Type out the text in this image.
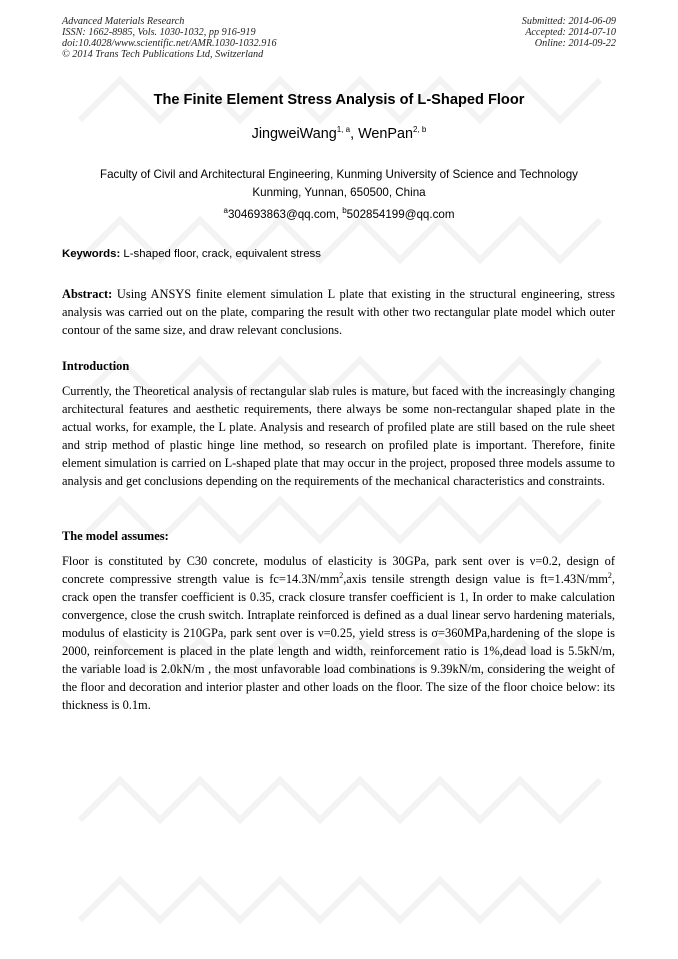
Advanced Materials Research
ISSN: 1662-8985, Vols. 1030-1032, pp 916-919
doi:10.4028/www.scientific.net/AMR.1030-1032.916
© 2014 Trans Tech Publications Ltd, Switzerland
Submitted: 2014-06-09
Accepted: 2014-07-10
Online: 2014-09-22
The Finite Element Stress Analysis of L-Shaped Floor
JingweiWang$^{1, a}$, WenPan$^{2, b}$
Faculty of Civil and Architectural Engineering, Kunming University of Science and Technology
Kunming, Yunnan, 650500, China
$^a$304693863@qq.com, $^b$502854199@qq.com
Keywords: L-shaped floor, crack, equivalent stress
Abstract: Using ANSYS finite element simulation L plate that existing in the structural engineering, stress analysis was carried out on the plate, comparing the result with other two rectangular plate model which outer contour of the same size, and draw relevant conclusions.
Introduction
Currently, the Theoretical analysis of rectangular slab rules is mature, but faced with the increasingly changing architectural features and aesthetic requirements, there always be some non-rectangular shaped plate in the actual works, for example, the L plate. Analysis and research of profiled plate are still based on the rule sheet and strip method of plastic hinge line method, so research on profiled plate is important. Therefore, finite element simulation is carried on L-shaped plate that may occur in the project, proposed three models assume to analysis and get conclusions depending on the requirements of the mechanical characteristics and constraints.
The model assumes:
Floor is constituted by C30 concrete, modulus of elasticity is 30GPa, park sent over is ν=0.2, design of concrete compressive strength value is $fc=14.3N/mm^2,axis$ tensile strength design value is $ft=1.43N/mm^2$, crack open the transfer coefficient is 0.35, crack closure transfer coefficient is 1, In order to make calculation convergence, close the crush switch. Intraplate reinforced is defined as a dual linear servo hardening materials, modulus of elasticity is 210GPa, park sent over is ν=0.25, yield stress is σ=360MPa,hardening of the slope is 2000, reinforcement is placed in the plate length and width, reinforcement ratio is 1%,dead load is 5.5kN/m, the variable load is 2.0kN/m , the most unfavorable load combinations is 9.39kN/m, considering the weight of the floor and decoration and interior plaster and other loads on the floor. The size of the floor choice below: its thickness is 0.1m.
